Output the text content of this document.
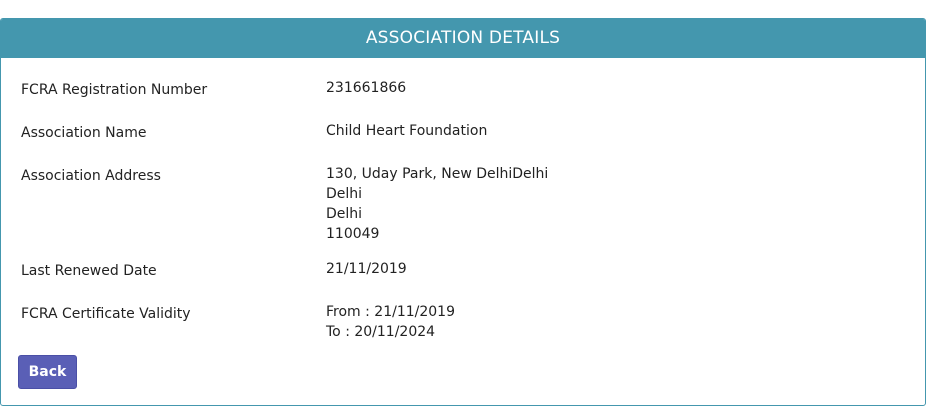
ASSOCIATION DETAILS
FCRA Registration Number	231661866
Association Name	Child Heart Foundation
Association Address	130, Uday Park, New DelhiDelhi
Delhi
Delhi
110049
Last Renewed Date	21/11/2019
FCRA Certificate Validity	From : 21/11/2019
To : 20/11/2024
Back
